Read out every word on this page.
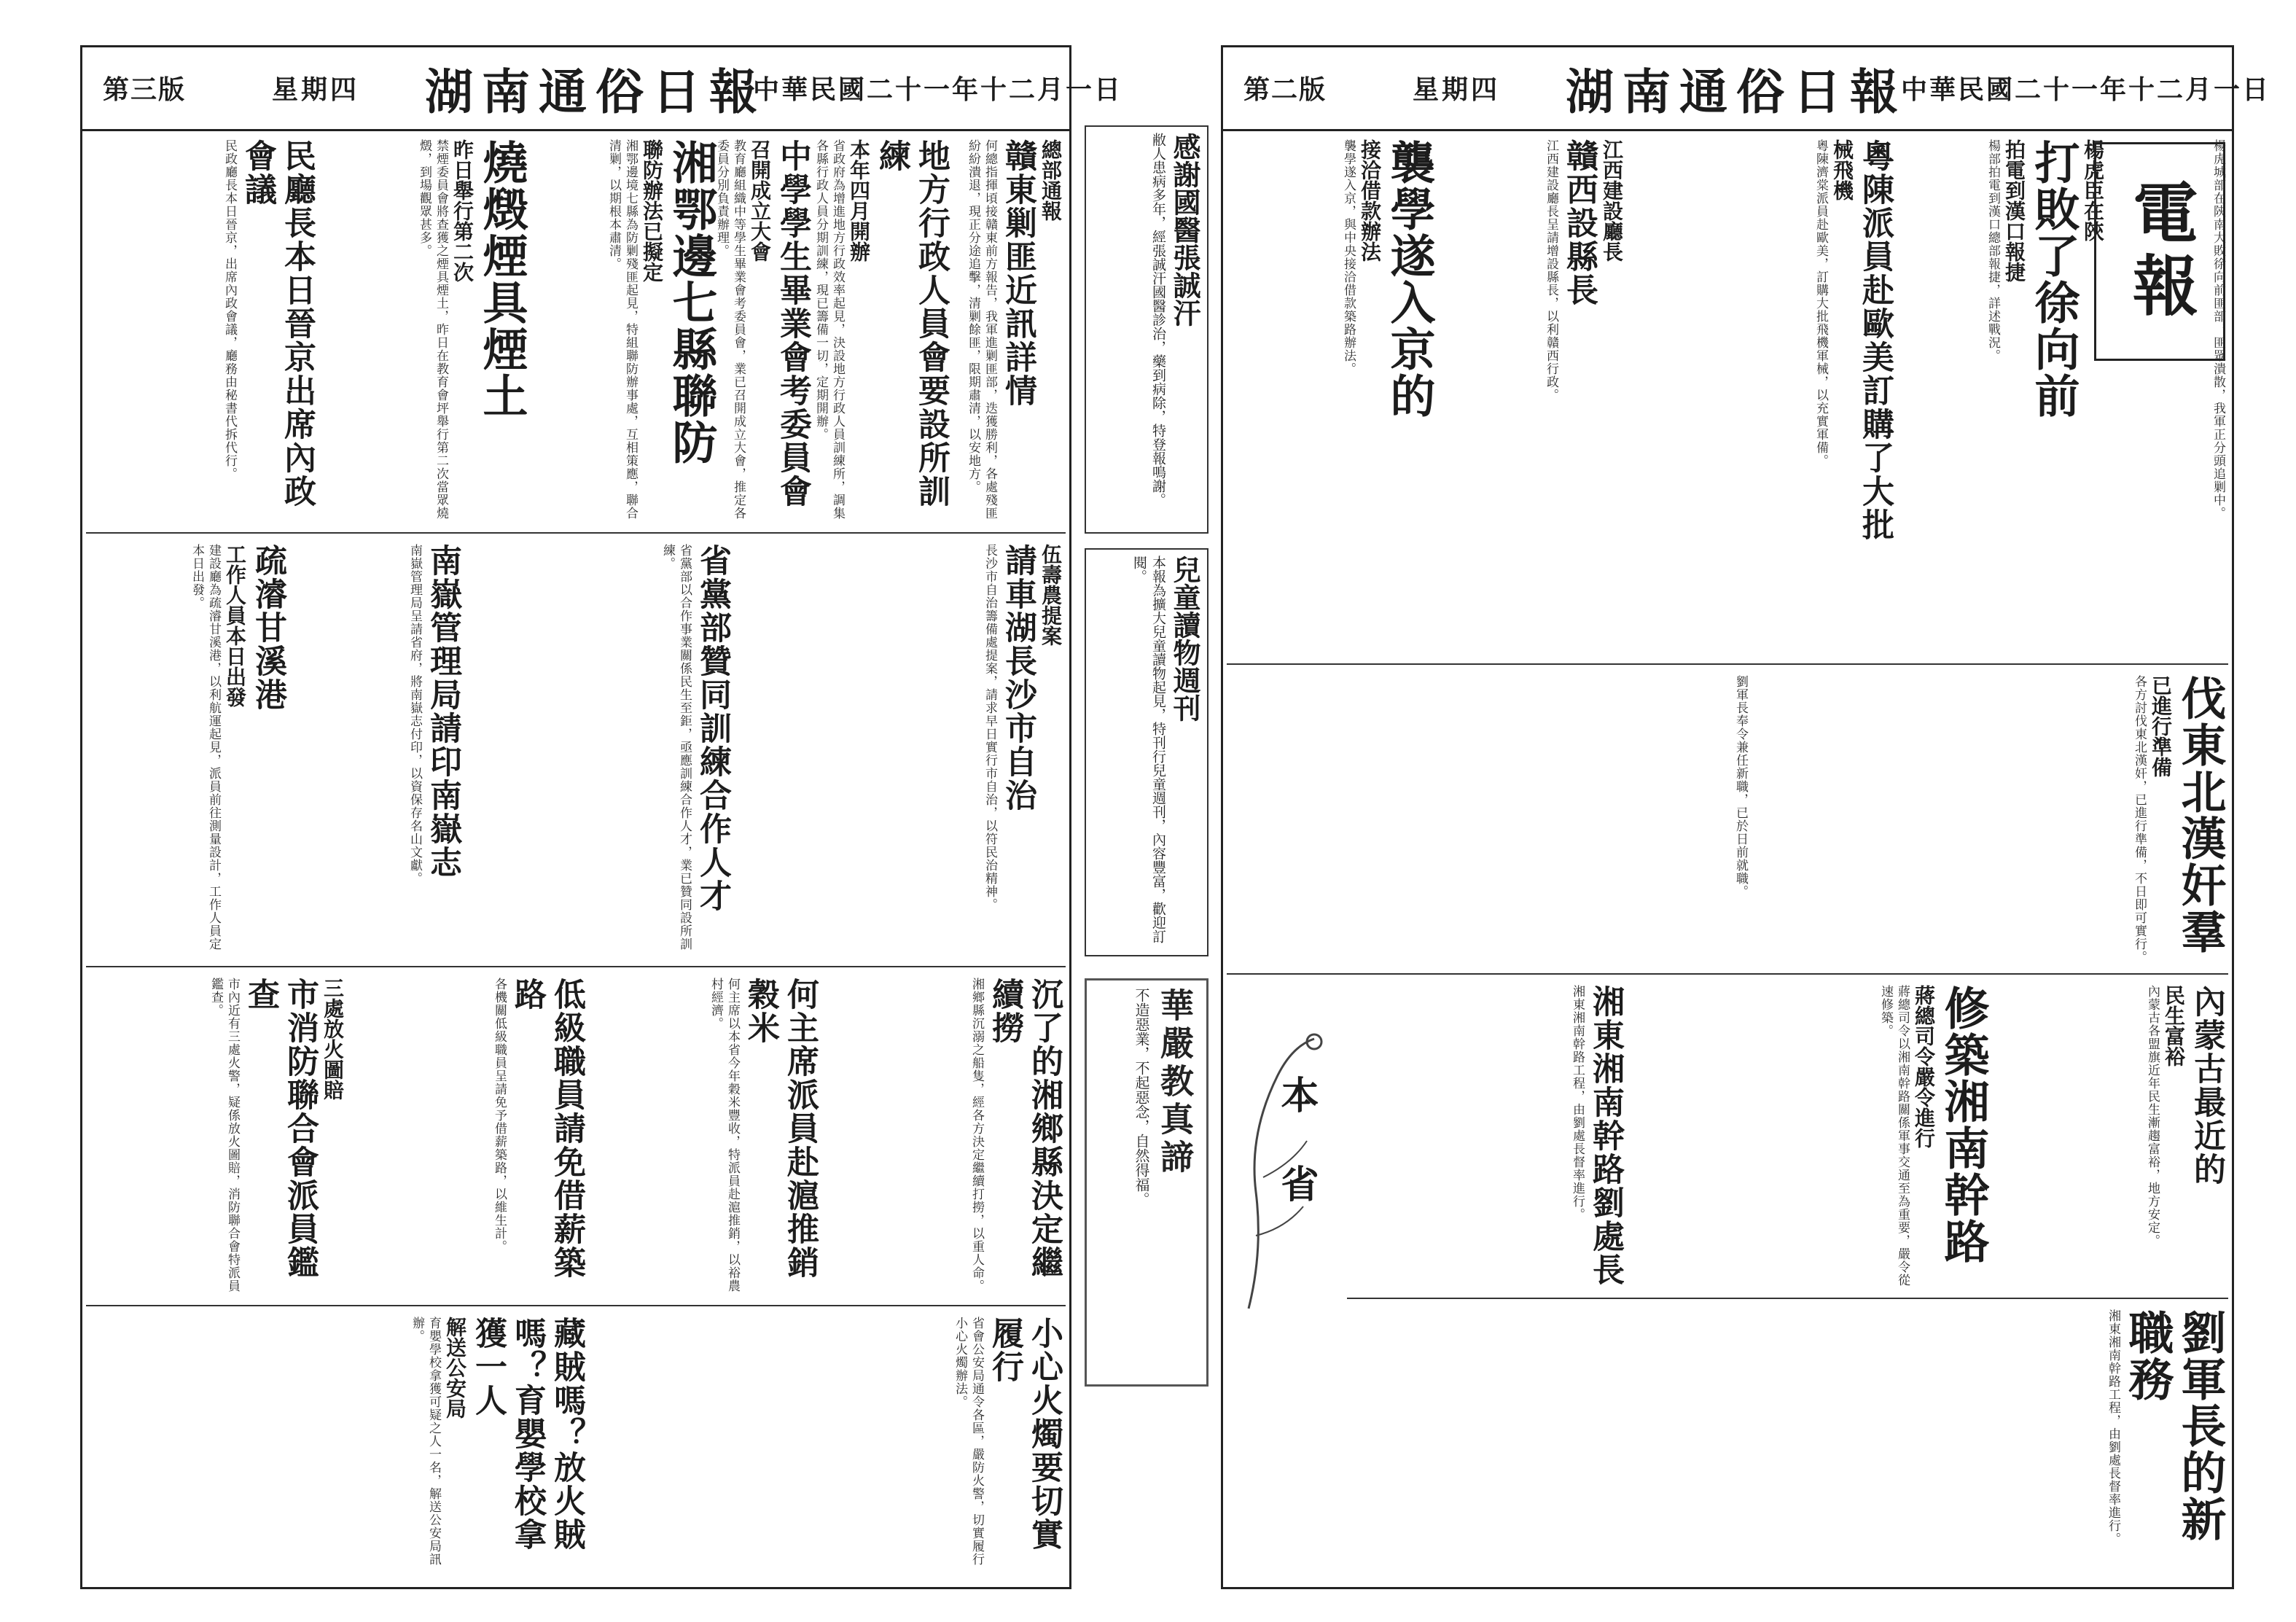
第三版	星期四 湖南通俗日報
中華民國二十一年十二月一日
總部通報
贛東剿匪近訊詳情
何總指揮頃接贛東前方報告，我軍進剿匪部，迭獲勝利，各處殘匪紛紛潰退，現正分途追擊，清剿餘匪，限期肅清，以安地方。
地方行政人員會要設所訓練
本年四月開辦
省政府為增進地方行政效率起見，決設地方行政人員訓練所，調集各縣行政人員分期訓練，現已籌備一切，定期開辦。
中學學生畢業會考委員會
召開成立大會
教育廳組織中等學生畢業會考委員會，業已召開成立大會，推定各委員分別負責辦理。
湘鄂邊七縣聯防
聯防辦法已擬定
湘鄂邊境七縣為防剿殘匪起見，特組聯防辦事處，互相策應，聯合清剿，以期根本肅清。
燒燬煙具煙土
昨日舉行第二次
禁煙委員會將查獲之煙具煙土，昨日在教育會坪舉行第二次當眾燒燬，到場觀眾甚多。
民廳長本日晉京出席內政會議
民政廳長本日晉京，出席內政會議，廳務由秘書代拆代行。
伍壽農提案
請車湖長沙市自治
長沙市自治籌備處提案，請求早日實行市自治，以符民治精神。
省黨部贊同訓練合作人才
省黨部以合作事業關係民生至鉅，亟應訓練合作人才，業已贊同設所訓練。
南嶽管理局請印南嶽志
南嶽管理局呈請省府，將南嶽志付印，以資保存名山文獻。
疏濬甘溪港
工作人員本日出發
建設廳為疏濬甘溪港，以利航運起見，派員前往測量設計，工作人員定本日出發。
沉了的湘鄉縣決定繼續撈
湘鄉縣沉溺之船隻，經各方決定繼續打撈，以重人命。
何主席派員赴滬推銷穀米
何主席以本省今年穀米豐收，特派員赴滬推銷，以裕農村經濟。
低級職員請免借薪築路
各機關低級職員呈請免予借薪築路，以維生計。
三處放火圖賠
市消防聯合會派員鑑查
市內近有三處火警，疑係放火圖賠，消防聯合會特派員鑑查。
小心火燭要切實履行
省會公安局通令各區，嚴防火警，切實履行小心火燭辦法。
藏賊嗎？放火賊嗎？育嬰學校拿獲一人
解送公安局
育嬰學校拿獲可疑之人一名，解送公安局訊辦。
感謝國醫張誠汗
敝人患病多年，經張誠汗國醫診治，藥到病除，特登報鳴謝。
兒童讀物週刊
本報為擴大兒童讀物起見，特刊行兒童週刊，內容豐富，歡迎訂閱。
華嚴教真諦
不造惡業，不起惡念，自然得福。
第二版	星期四 湖南通俗日報
中華民國二十一年十二月一日
楊虎城部在陝南大敗徐向前匪部，匪眾潰散，我軍正分頭追剿中。
楊虎臣在陝
打敗了徐向前
拍電到漢口報捷
楊部拍電到漢口總部報捷，詳述戰況。
粵陳派員赴歐美訂購了大批
械飛機
粵陳濟棠派員赴歐美，訂購大批飛機軍械，以充實軍備。
江西建設廳長
贛西設縣長
江西建設廳長呈請增設縣長，以利贛西行政。
襲學遂入京的
接洽借款辦法
襲學遂入京，與中央接洽借款築路辦法。	電報
伐東北漢奸羣
已進行準備
各方討伐東北漢奸，已進行準備，不日即可實行。
劉軍長奉令兼任新職，已於日前就職。
本省	內蒙古最近的
民生富裕
內蒙古各盟旗近年民生漸趨富裕，地方安定。
修築湘南幹路
蔣總司令嚴令進行
蔣總司令以湘南幹路關係軍事交通至為重要，嚴令從速修築。
湘東湘南幹路劉處長
湘東湘南幹路工程，由劉處長督率進行。
劉軍長的新職務
湘東湘南幹路工程，由劉處長督率進行。
